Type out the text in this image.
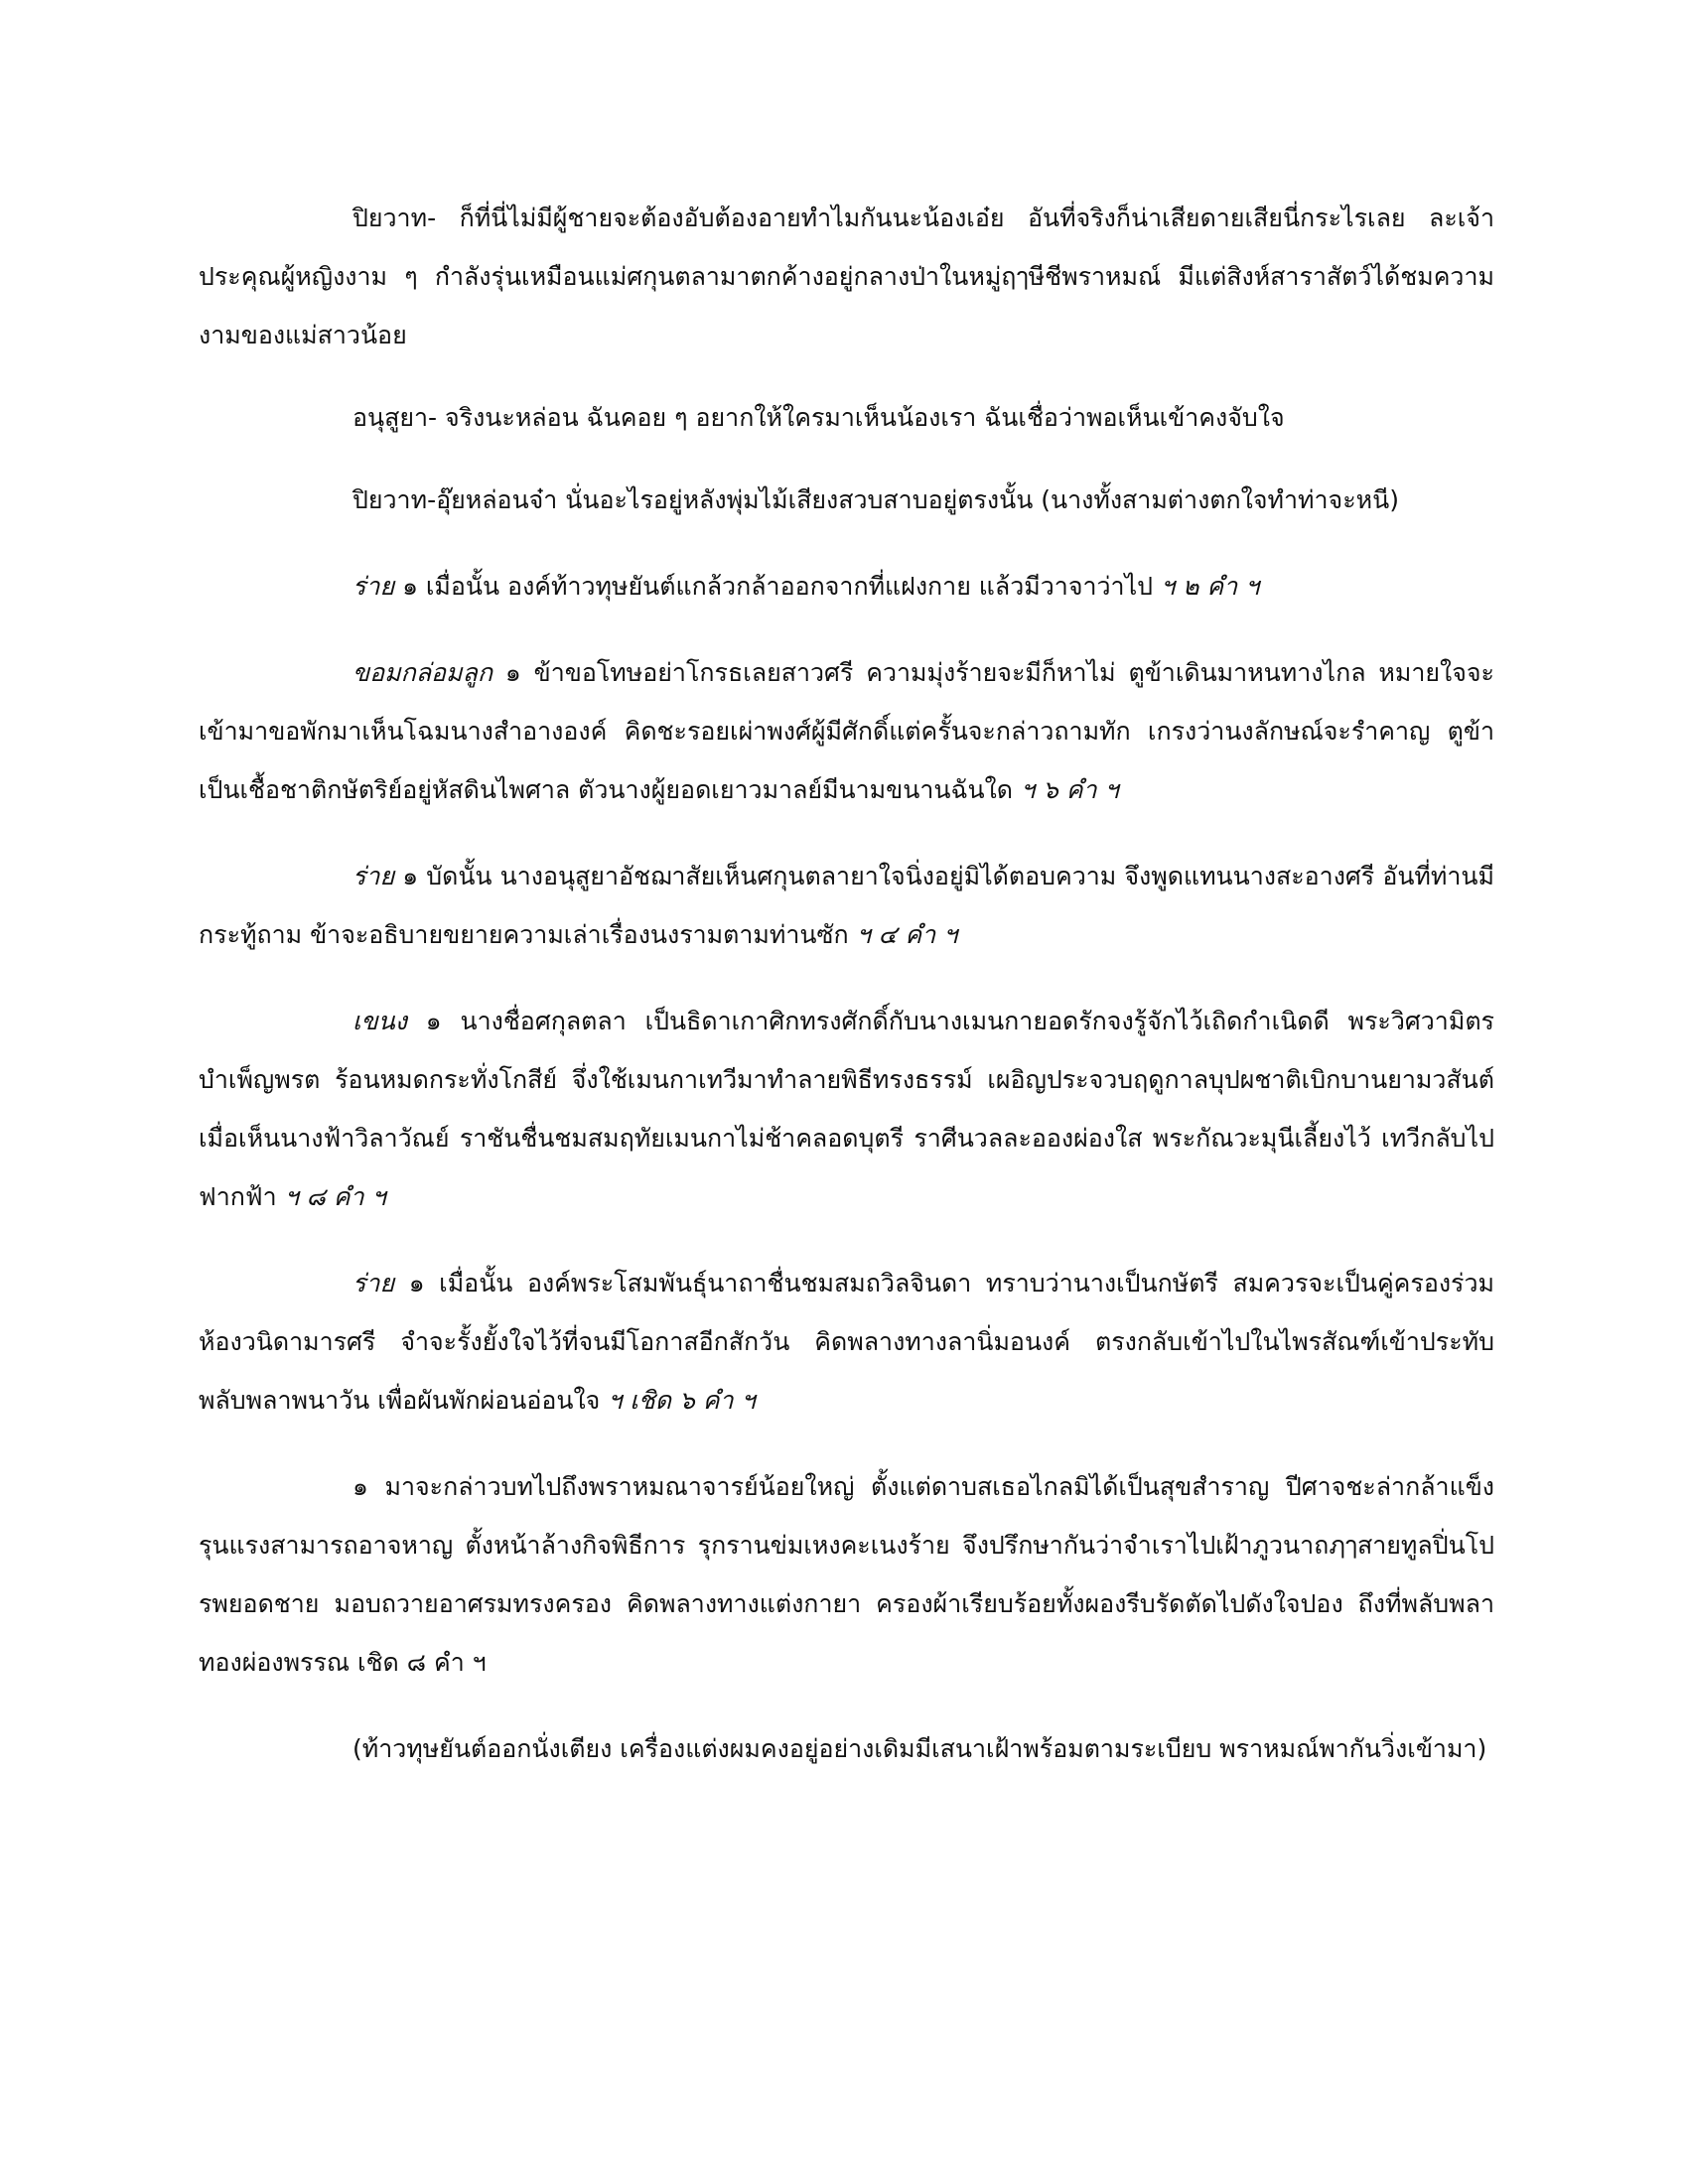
ปิยวาท- ก็ที่นี่ไม่มีผู้ชายจะต้องอับต้องอายทำไมกันนะน้องเอ๋ย อันที่จริงก็น่าเสียดายเสียนี่กระไรเลย ละเจ้าประคุณผู้หญิงงาม ๆ กำลังรุ่นเหมือนแม่ศกุนตลามาตกค้างอยู่กลางป่าในหมู่ฤๅษีชีพราหมณ์ มีแต่สิงห์สาราสัตว์ได้ชมความงามของแม่สาวน้อย

อนุสูยา- จริงนะหล่อน ฉันคอย ๆ อยากให้ใครมาเห็นน้องเรา ฉันเชื่อว่าพอเห็นเข้าคงจับใจ

ปิยวาท-อุ๊ยหล่อนจ๋า นั่นอะไรอยู่หลังพุ่มไม้เสียงสวบสาบอยู่ตรงนั้น (นางทั้งสามต่างตกใจทำท่าจะหนี)

ร่าย ๑ เมื่อนั้น องค์ท้าวทุษยันต์แกล้วกล้าออกจากที่แฝงกาย แล้วมีวาจาว่าไป ฯ ๒ คำ ฯ

ขอมกล่อมลูก ๑ ข้าขอโทษอย่าโกรธเลยสาวศรี ความมุ่งร้ายจะมีก็หาไม่ ตูข้าเดินมาหนทางไกล หมายใจจะเข้ามาขอพักมาเห็นโฉมนางสำอางองค์ คิดชะรอยเผ่าพงศ์ผู้มีศักดิ์แต่ครั้นจะกล่าวถามทัก เกรงว่านงลักษณ์จะรำคาญ ตูข้าเป็นเชื้อชาติกษัตริย์อยู่หัสดินไพศาล ตัวนางผู้ยอดเยาวมาลย์มีนามขนานฉันใด ฯ ๖ คำ ฯ

ร่าย ๑ บัดนั้น นางอนุสูยาอัชฌาสัยเห็นศกุนตลายาใจนิ่งอยู่มิได้ตอบความ จึงพูดแทนนางสะอางศรี อันที่ท่านมีกระทู้ถาม ข้าจะอธิบายขยายความเล่าเรื่องนงรามตามท่านซัก ฯ ๔ คำ ฯ

เขนง ๑ นางชื่อศกุลตลา เป็นธิดาเกาศิกทรงศักดิ์กับนางเมนกายอดรักจงรู้จักไว้เถิดกำเนิดดี พระวิศวามิตรบำเพ็ญพรต ร้อนหมดกระทั่งโกสีย์ จึ่งใช้เมนกาเทวีมาทำลายพิธีทรงธรรม์ เผอิญประจวบฤดูกาลบุปผชาติเบิกบานยามวสันต์ เมื่อเห็นนางฟ้าวิลาวัณย์ ราชันชื่นชมสมฤทัยเมนกาไม่ช้าคลอดบุตรี ราศีนวลละอองผ่องใส พระกัณวะมุนีเลี้ยงไว้ เทวีกลับไปฟากฟ้า ฯ ๘ คำ ฯ

ร่าย ๑ เมื่อนั้น องค์พระโสมพันธุ์นาถาชื่นชมสมถวิลจินดา ทราบว่านางเป็นกษัตรี สมควรจะเป็นคู่ครองร่วมห้องวนิดามารศรี จำจะรั้งยั้งใจไว้ที่จนมีโอกาสอีกสักวัน คิดพลางทางลานิ่มอนงค์ ตรงกลับเข้าไปในไพรสัณฑ์เข้าประทับพลับพลาพนาวัน เพื่อผันพักผ่อนอ่อนใจ ฯ เชิด ๖ คำ ฯ

๑ มาจะกล่าวบทไปถึงพราหมณาจารย์น้อยใหญ่ ตั้งแต่ดาบสเธอไกลมิได้เป็นสุขสำราญ ปีศาจชะล่ากล้าแข็งรุนแรงสามารถอาจหาญ ตั้งหน้าล้างกิจพิธีการ รุกรานข่มเหงคะเนงร้าย จึงปรึกษากันว่าจำเราไปเฝ้าภูวนาถฦๅสายทูลปิ่นโปรพยอดชาย มอบถวายอาศรมทรงครอง คิดพลางทางแต่งกายา ครองผ้าเรียบร้อยทั้งผองรีบรัดตัดไปดังใจปอง ถึงที่พลับพลาทองผ่องพรรณ เชิด ๘ คำ ฯ

(ท้าวทุษยันต์ออกนั่งเตียง เครื่องแต่งผมคงอยู่อย่างเดิมมีเสนาเฝ้าพร้อมตามระเบียบ พราหมณ์พากันวิ่งเข้ามา)
